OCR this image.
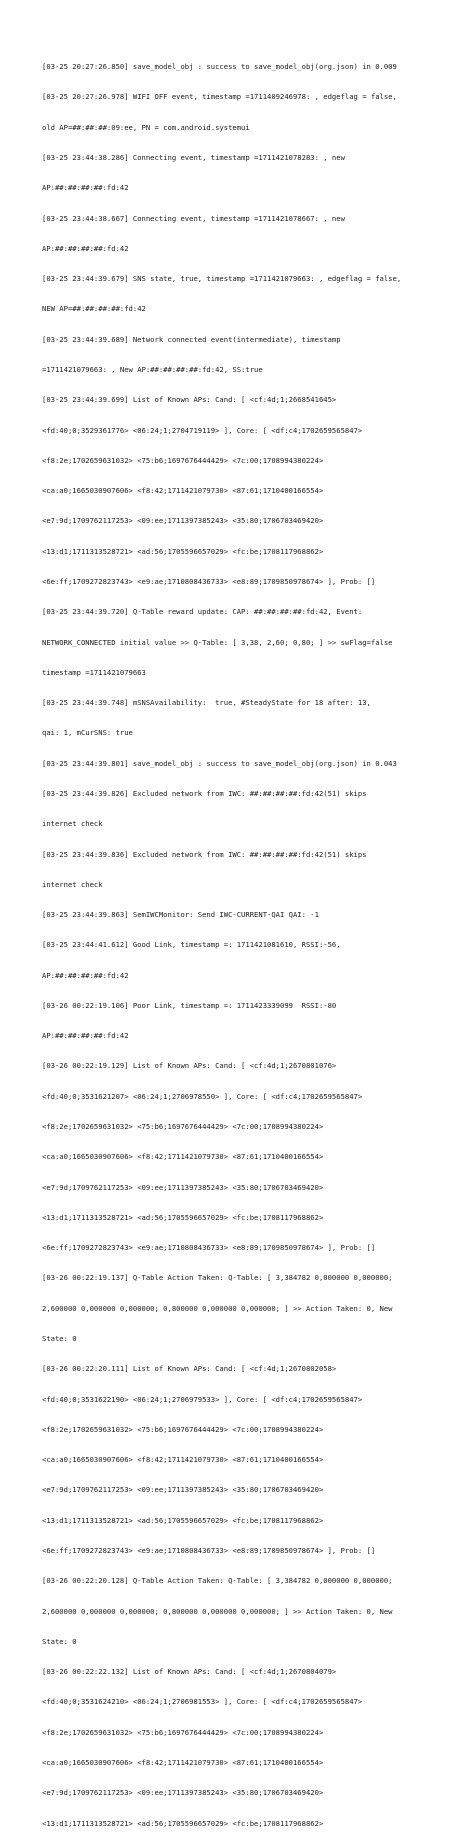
[03-25 20:27:26.850] save_model_obj : success to save_model_obj(org.json) in 0.009

[03-25 20:27:26.978] WIFI OFF event, timestamp =1711409246978: , edgeflag = false,

old AP=##:##:##:09:ee, PN = com.android.systemui

[03-25 23:44:38.286] Connecting event, timestamp =1711421078283: , new

AP:##:##:##:##:fd:42

[03-25 23:44:38.667] Connecting event, timestamp =1711421078667: , new

AP:##:##:##:##:fd:42

[03-25 23:44:39.679] SNS state, true, timestamp =1711421079663: , edgeflag = false,

NEW AP=##:##:##:##:fd:42

[03-25 23:44:39.689] Network connected event(intermediate), timestamp

=1711421079663: , New AP:##:##:##:##:fd:42, SS:true

[03-25 23:44:39.699] List of Known APs: Cand: [ <cf:4d;1;2668541645>

<fd:40;0;3529361776> <06:24;1;2704719119> ], Core: [ <df:c4;1702659565847>

<f8:2e;1702659631032> <75:b6;1697676444429> <7c:00;1708994380224>

<ca:a0;1665030907606> <f8:42;1711421079730> <87:61;1710400166554>

<e7:9d;1709762117253> <09:ee;1711397385243> <35:80;1706703469420>

<13:d1;1711313528721> <ad:56;1705596657029> <fc:be;1708117968862>

<6e:ff;1709272823743> <e9:ae;1710808436733> <e8:89;1709850978674> ], Prob: []

[03-25 23:44:39.720] Q-Table reward update: CAP: ##:##:##:##:fd:42, Event:

NETWORK_CONNECTED initial value >> Q-Table: [ 3,38, 2,60; 0,80; ] >> swFlag=false

timestamp =1711421079663

[03-25 23:44:39.748] mSNSAvailability:  true, #SteadyState for 18 after: 13,

qai: 1, mCurSNS: true

[03-25 23:44:39.801] save_model_obj : success to save_model_obj(org.json) in 0.043

[03-25 23:44:39.826] Excluded network from IWC: ##:##:##:##:fd:42(51) skips

internet check

[03-25 23:44:39.836] Excluded network from IWC: ##:##:##:##:fd:42(51) skips

internet check

[03-25 23:44:39.863] SemIWCMonitor: Send IWC-CURRENT-QAI QAI: -1

[03-25 23:44:41.612] Good Link, timestamp =: 1711421081610, RSSI:-56,

AP:##:##:##:##:fd:42

[03-26 00:22:19.106] Poor Link, timestamp =: 1711423339099  RSSI:-80

AP:##:##:##:##:fd:42

[03-26 00:22:19.129] List of Known APs: Cand: [ <cf:4d;1;2670801076>

<fd:40;0;3531621207> <06:24;1;2706978550> ], Core: [ <df:c4;1702659565847>

<f8:2e;1702659631032> <75:b6;1697676444429> <7c:00;1708994380224>

<ca:a0;1665030907606> <f8:42;1711421079730> <87:61;1710400166554>

<e7:9d;1709762117253> <09:ee;1711397385243> <35:80;1706703469420>

<13:d1;1711313528721> <ad:56;1705596657029> <fc:be;1708117968862>

<6e:ff;1709272823743> <e9:ae;1710808436733> <e8:89;1709850978674> ], Prob: []

[03-26 00:22:19.137] Q-Table Action Taken: Q-Table: [ 3,384782 0,000000 0,000000;

2,600000 0,000000 0,000000; 0,800000 0,000000 0,000000; ] >> Action Taken: 0, New

State: 0

[03-26 00:22:20.111] List of Known APs: Cand: [ <cf:4d;1;2670802058>

<fd:40;0;3531622190> <06:24;1;2706979533> ], Core: [ <df:c4;1702659565847>

<f8:2e;1702659631032> <75:b6;1697676444429> <7c:00;1708994380224>

<ca:a0;1665030907606> <f8:42;1711421079730> <87:61;1710400166554>

<e7:9d;1709762117253> <09:ee;1711397385243> <35:80;1706703469420>

<13:d1;1711313528721> <ad:56;1705596657029> <fc:be;1708117968862>

<6e:ff;1709272823743> <e9:ae;1710808436733> <e8:89;1709850978674> ], Prob: []

[03-26 00:22:20.128] Q-Table Action Taken: Q-Table: [ 3,384782 0,000000 0,000000;

2,600000 0,000000 0,000000; 0,800000 0,000000 0,000000; ] >> Action Taken: 0, New

State: 0

[03-26 00:22:22.132] List of Known APs: Cand: [ <cf:4d;1;2670804079>

<fd:40;0;3531624210> <06:24;1;2706981553> ], Core: [ <df:c4;1702659565847>

<f8:2e;1702659631032> <75:b6;1697676444429> <7c:00;1708994380224>

<ca:a0;1665030907606> <f8:42;1711421079730> <87:61;1710400166554>

<e7:9d;1709762117253> <09:ee;1711397385243> <35:80;1706703469420>

<13:d1;1711313528721> <ad:56;1705596657029> <fc:be;1708117968862>
